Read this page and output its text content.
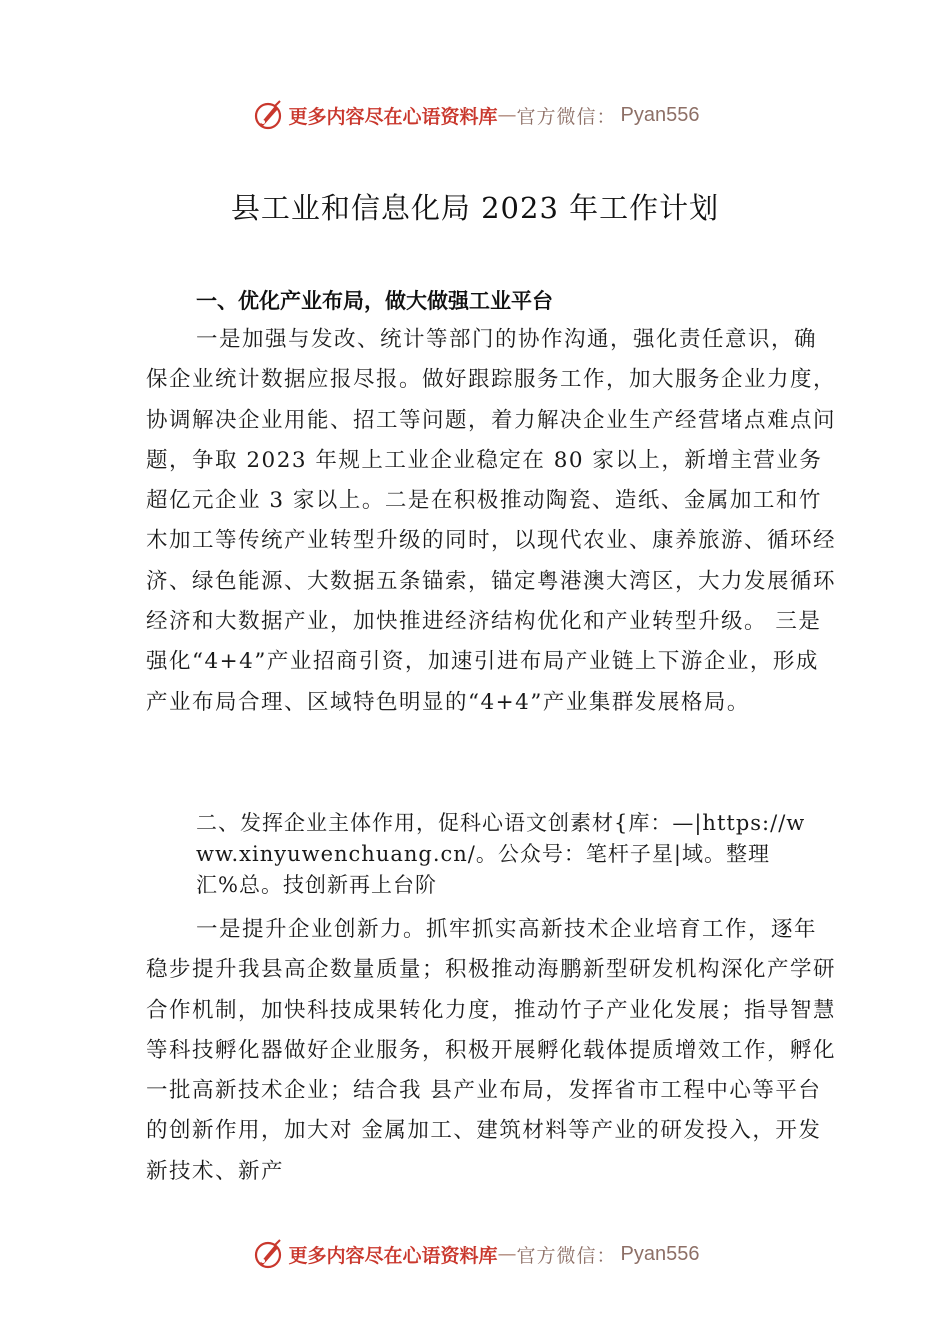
更多内容尽在心语资料库 — 官方微信： Pyan556
县工业和信息化局 2023 年工作计划
一、优化产业布局，做大做强工业平台

一是加强与发改、统计等部门的协作沟通，强化责任意识，确保企业统计数据应报尽报。做好跟踪服务工作，加大服务企业力度，协调解决企业用能、招工等问题，着力解决企业生产经营堵点难点问题，争取 2023 年规上工业企业稳定在 80 家以上，新增主营业务超亿元企业 3 家以上。二是在积极推动陶瓷、造纸、金属加工和竹木加工等传统产业转型升级的同时，以现代农业、康养旅游、循环经济、绿色能源、大数据五条锚索，锚定粤港澳大湾区，大力发展循环经济和大数据产业，加快推进经济结构优化和产业转型升级。 三是强化“4+4”产业招商引资，加速引进布局产业链上下游企业，形成产业布局合理、区域特色明显的“4+4”产业集群发展格局。

二、发挥企业主体作用，促科心语文创素材{库：—|https://www.xinyuwenchuang.cn/。公众号：笔杆子星|域。整理汇%总。技创新再上台阶

一是提升企业创新力。抓牢抓实高新技术企业培育工作，逐年稳步提升我县高企数量质量；积极推动海鹏新型研发机构深化产学研合作机制，加快科技成果转化力度，推动竹子产业化发展；指导智慧等科技孵化器做好企业服务，积极开展孵化载体提质增效工作，孵化一批高新技术企业；结合我 县产业布局，发挥省市工程中心等平台的创新作用，加大对 金属加工、建筑材料等产业的研发投入，开发新技术、新产

更多内容尽在心语资料库 — 官方微信： Pyan556
